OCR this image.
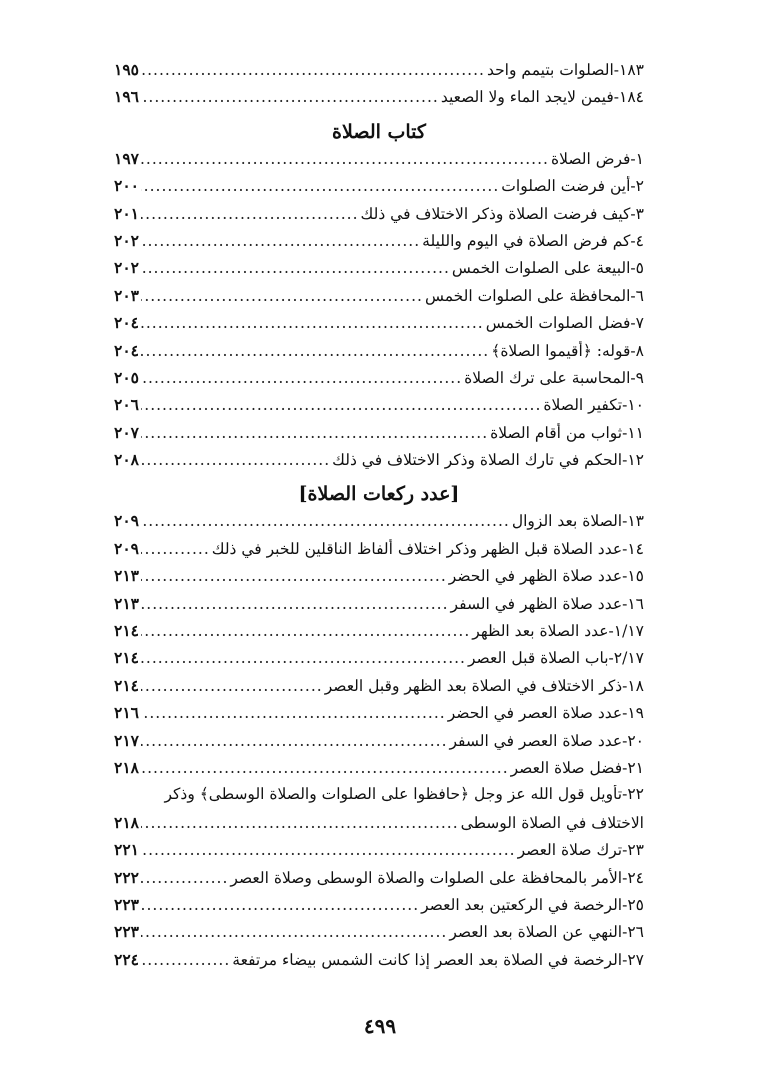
١٨٣-الصلوات بتيمم واحد
.....
١٩٥
١٨٤-فيمن لايجد الماء ولا الصعيد
.....
١٩٦
كتاب الصلاة
١-فرض الصلاة
.....
١٩٧
٢-أين فرضت الصلوات
.....
٢٠٠
٣-كيف فرضت الصلاة وذكر الاختلاف في ذلك
.....
٢٠١
٤-كم فرض الصلاة في اليوم والليلة
.....
٢٠٢
٥-البيعة على الصلوات الخمس
.....
٢٠٢
٦-المحافظة على الصلوات الخمس
.....
٢٠٣
٧-فضل الصلوات الخمس
.....
٢٠٤
٨-قوله: ﴿أقيموا الصلاة﴾
.....
٢٠٤
٩-المحاسبة على ترك الصلاة
.....
٢٠٥
١٠-تكفير الصلاة
.....
٢٠٦
١١-ثواب من أقام الصلاة
.....
٢٠٧
١٢-الحكم في تارك الصلاة وذكر الاختلاف في ذلك
.....
٢٠٨
[عدد ركعات الصلاة]
١٣-الصلاة بعد الزوال
.....
٢٠٩
١٤-عدد الصلاة قبل الظهر وذكر اختلاف ألفاظ الناقلين للخبر في ذلك
.....
٢٠٩
١٥-عدد صلاة الظهر في الحضر
.....
٢١٣
١٦-عدد صلاة الظهر في السفر
.....
٢١٣
١/١٧-عدد الصلاة بعد الظهر
.....
٢١٤
٢/١٧-باب الصلاة قبل العصر
.....
٢١٤
١٨-ذكر الاختلاف في الصلاة بعد الظهر وقبل العصر
.....
٢١٤
١٩-عدد صلاة العصر في الحضر
.....
٢١٦
٢٠-عدد صلاة العصر في السفر
.....
٢١٧
٢١-فضل صلاة العصر
.....
٢١٨
٢٢-تأويل قول الله عز وجل ﴿حافظوا على الصلوات والصلاة الوسطى﴾ وذكر
الاختلاف في الصلاة الوسطى
.....
٢١٨
٢٣-ترك صلاة العصر
.....
٢٢١
٢٤-الأمر بالمحافظة على الصلوات والصلاة الوسطى وصلاة العصر
.....
٢٢٢
٢٥-الرخصة في الركعتين بعد العصر
.....
٢٢٣
٢٦-النهي عن الصلاة بعد العصر
.....
٢٢٣
٢٧-الرخصة في الصلاة بعد العصر إذا كانت الشمس بيضاء مرتفعة
.....
٢٢٤
٤٩٩
